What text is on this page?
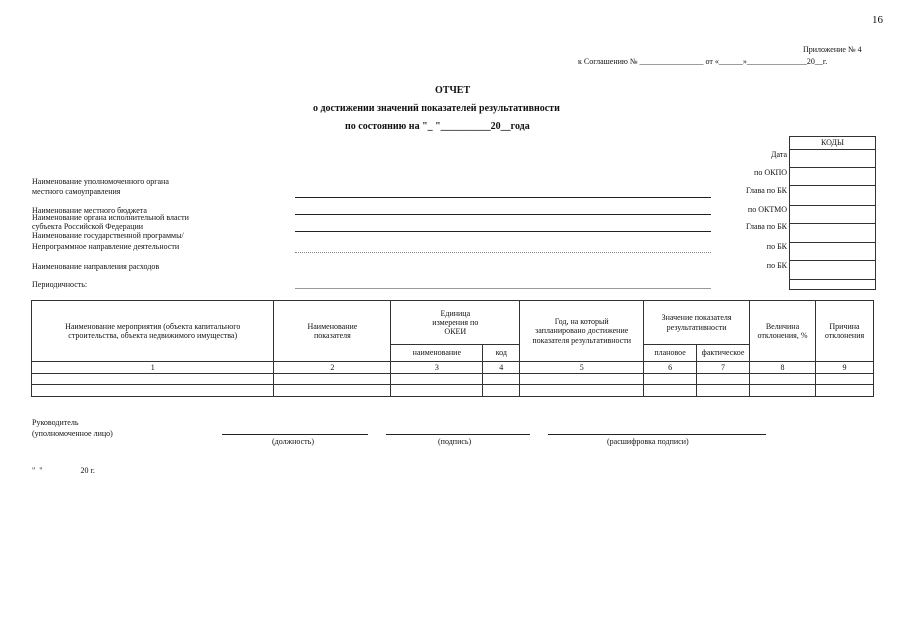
16
Приложение № 4
к Соглашению № ________________ от «______»_______________20__г.
ОТЧЕТ
о достижении значений показателей результативности
по состоянию на "_ "__________20__года
КОДЫ
Дата
по ОКПО
Глава по БК
по ОКТМО
Глава по БК
по БК
по БК
Наименование уполномоченного органа
местного самоуправления
Наименование местного бюджета
Наименование органа исполнительной власти
субъекта Российской Федерации
Наименование государственной программы/
Непрограммное направление деятельности
Наименование направления расходов
Периодичность:
Наименование мероприятия (объекта капитального строительства, объекта недвижимого имущества)	Наименование показателя	Единица измерения по ОКЕИ		Год, на который запланировано достижение показателя результативности	Значение показателя результативности		Величина отклонения, %	Причина отклонения
		наименование	код		плановое	фактическое		
1	2	3	4	5	6	7	8	9

Руководитель
(уполномоченное лицо)
(должность)	(подпись)	(расшифровка подписи)
"  "                   20 г.
